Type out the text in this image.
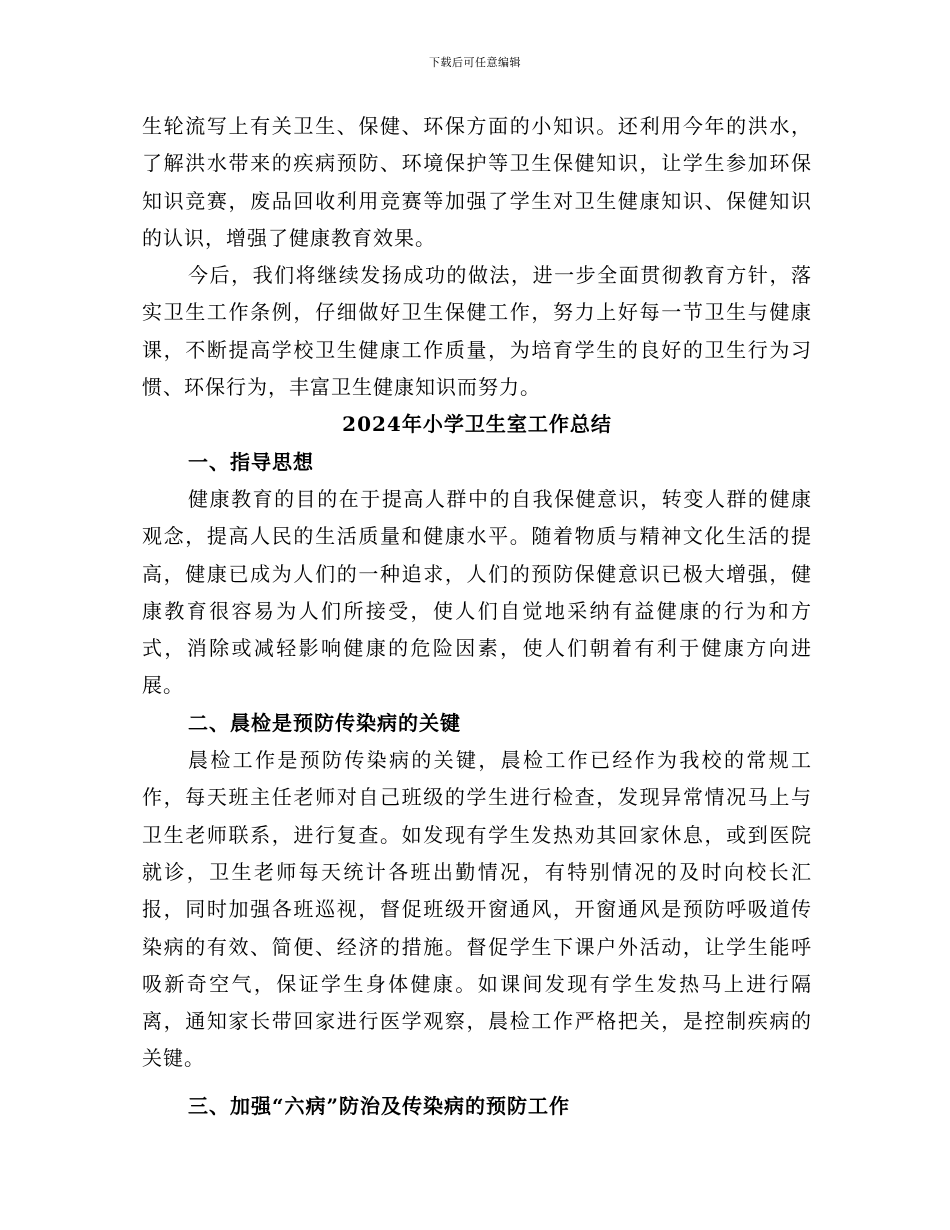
下载后可任意编辑

生轮流写上有关卫生、保健、环保方面的小知识。还利用今年的洪水，了解洪水带来的疾病预防、环境保护等卫生保健知识，让学生参加环保知识竞赛，废品回收利用竞赛等加强了学生对卫生健康知识、保健知识的认识，增强了健康教育效果。

今后，我们将继续发扬成功的做法，进一步全面贯彻教育方针，落实卫生工作条例，仔细做好卫生保健工作，努力上好每一节卫生与健康课，不断提高学校卫生健康工作质量，为培育学生的良好的卫生行为习惯、环保行为，丰富卫生健康知识而努力。

2024年小学卫生室工作总结

一、指导思想

健康教育的目的在于提高人群中的自我保健意识，转变人群的健康观念，提高人民的生活质量和健康水平。随着物质与精神文化生活的提高，健康已成为人们的一种追求，人们的预防保健意识已极大增强，健康教育很容易为人们所接受，使人们自觉地采纳有益健康的行为和方式，消除或减轻影响健康的危险因素，使人们朝着有利于健康方向进展。

二、晨检是预防传染病的关键

晨检工作是预防传染病的关键，晨检工作已经作为我校的常规工作，每天班主任老师对自己班级的学生进行检查，发现异常情况马上与卫生老师联系，进行复查。如发现有学生发热劝其回家休息，或到医院就诊，卫生老师每天统计各班出勤情况，有特别情况的及时向校长汇报，同时加强各班巡视，督促班级开窗通风，开窗通风是预防呼吸道传染病的有效、简便、经济的措施。督促学生下课户外活动，让学生能呼吸新奇空气，保证学生身体健康。如课间发现有学生发热马上进行隔离，通知家长带回家进行医学观察，晨检工作严格把关，是控制疾病的关键。

三、加强“六病”防治及传染病的预防工作
